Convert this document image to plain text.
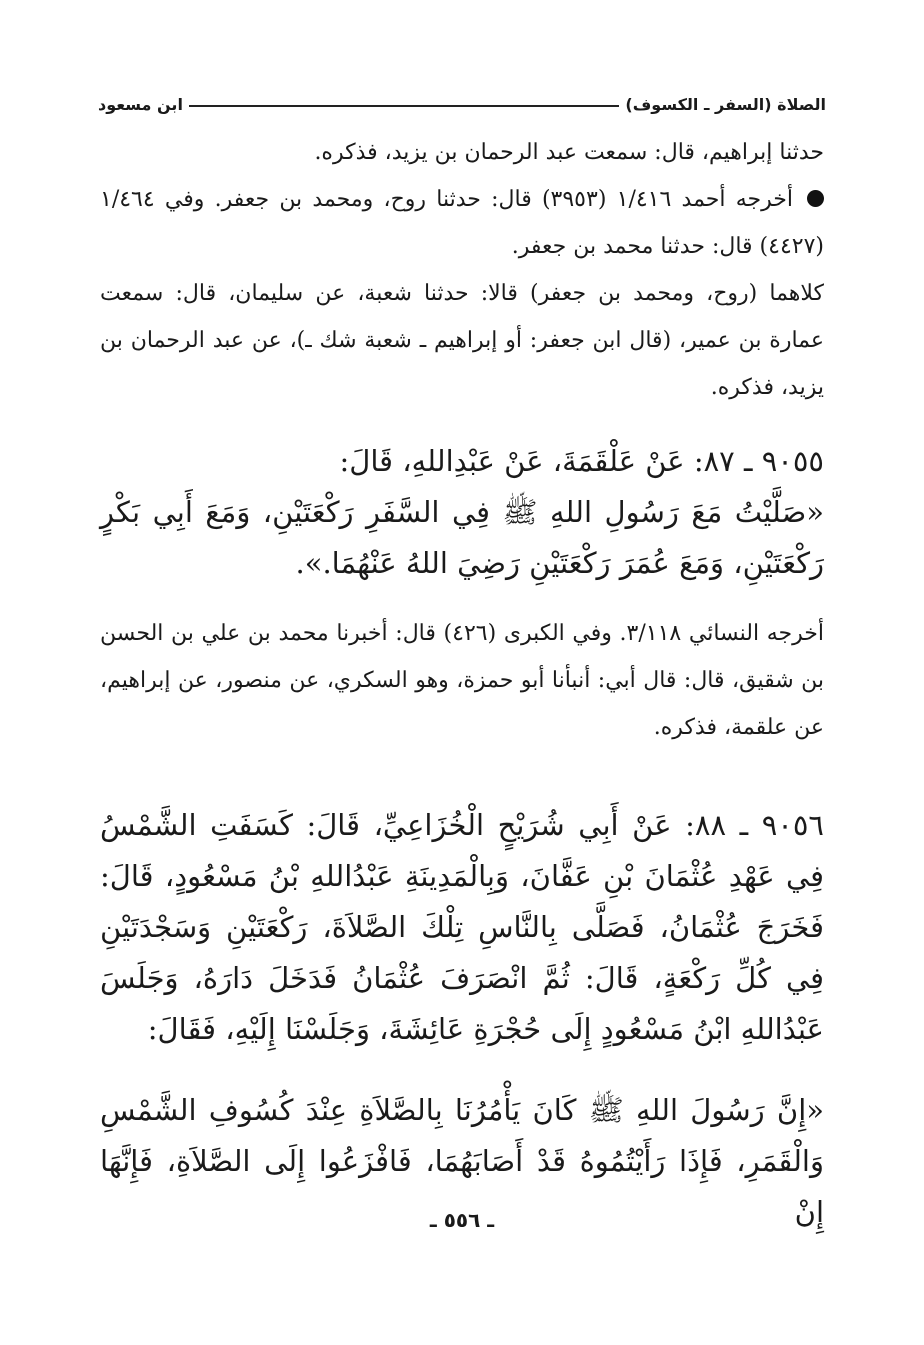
الصلاة (السفر ـ الكسوف)
ابن مسعود
حدثنا إبراهيم، قال: سمعت عبد الرحمان بن يزيد، فذكره.
أخرجه أحمد ١/٤١٦ (٣٩٥٣) قال: حدثنا روح، ومحمد بن جعفر. وفي ١/٤٦٤ (٤٤٢٧) قال: حدثنا محمد بن جعفر.
كلاهما (روح، ومحمد بن جعفر) قالا: حدثنا شعبة، عن سليمان، قال: سمعت عمارة بن عمير، (قال ابن جعفر: أو إبراهيم ـ شعبة شك ـ)، عن عبد الرحمان بن يزيد، فذكره.
٩٠٥٥ ـ ٨٧: عَنْ عَلْقَمَةَ، عَنْ عَبْدِاللهِ، قَالَ:
«صَلَّيْتُ مَعَ رَسُولِ اللهِ ﷺ فِي السَّفَرِ رَكْعَتَيْنِ، وَمَعَ أَبِي بَكْرٍ رَكْعَتَيْنِ، وَمَعَ عُمَرَ رَكْعَتَيْنِ رَضِيَ اللهُ عَنْهُمَا.».
أخرجه النسائي ٣/١١٨. وفي الكبرى (٤٢٦) قال: أخبرنا محمد بن علي بن الحسن بن شقيق، قال: قال أبي: أنبأنا أبو حمزة، وهو السكري، عن منصور، عن إبراهيم، عن علقمة، فذكره.
٩٠٥٦ ـ ٨٨: عَنْ أَبِي شُرَيْحٍ الْخُزَاعِيِّ، قَالَ: كَسَفَتِ الشَّمْسُ فِي عَهْدِ عُثْمَانَ بْنِ عَفَّانَ، وَبِالْمَدِينَةِ عَبْدُاللهِ بْنُ مَسْعُودٍ، قَالَ: فَخَرَجَ عُثْمَانُ، فَصَلَّى بِالنَّاسِ تِلْكَ الصَّلاَةَ، رَكْعَتَيْنِ وَسَجْدَتَيْنِ فِي كُلِّ رَكْعَةٍ، قَالَ: ثُمَّ انْصَرَفَ عُثْمَانُ فَدَخَلَ دَارَهُ، وَجَلَسَ عَبْدُاللهِ ابْنُ مَسْعُودٍ إِلَى حُجْرَةِ عَائِشَةَ، وَجَلَسْنَا إِلَيْهِ، فَقَالَ:
«إِنَّ رَسُولَ اللهِ ﷺ كَانَ يَأْمُرُنَا بِالصَّلاَةِ عِنْدَ كُسُوفِ الشَّمْسِ وَالْقَمَرِ، فَإِذَا رَأَيْتُمُوهُ قَدْ أَصَابَهُمَا، فَافْزَعُوا إِلَى الصَّلاَةِ، فَإِنَّهَا إِنْ
ـ ٥٥٦ ـ
